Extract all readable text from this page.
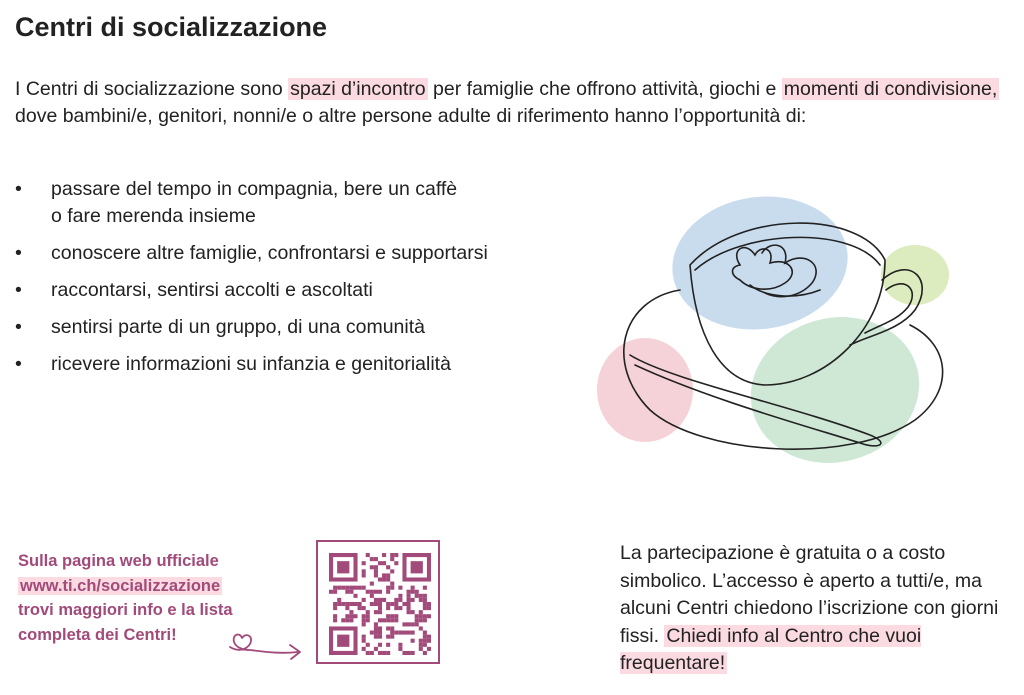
Centri di socializzazione

I Centri di socializzazione sono spazi d’incontro per famiglie che offrono attività, giochi e momenti di condivisione, dove bambini/e, genitori, nonni/e o altre persone adulte di riferimento hanno l’opportunità di:

• passare del tempo in compagnia, bere un caffè
o fare merenda insieme
• conoscere altre famiglie, confrontarsi e supportarsi
• raccontarsi, sentirsi accolti e ascoltati
• sentirsi parte di un gruppo, di una comunità
• ricevere informazioni su infanzia e genitorialità
Sulla pagina web ufficiale
www.ti.ch/socializzazione
trovi maggiori info e la lista
completa dei Centri!
La partecipazione è gratuita o a costo simbolico. L’accesso è aperto a tutti/e, ma alcuni Centri chiedono l’iscrizione con giorni fissi. Chiedi info al Centro che vuoi frequentare!
